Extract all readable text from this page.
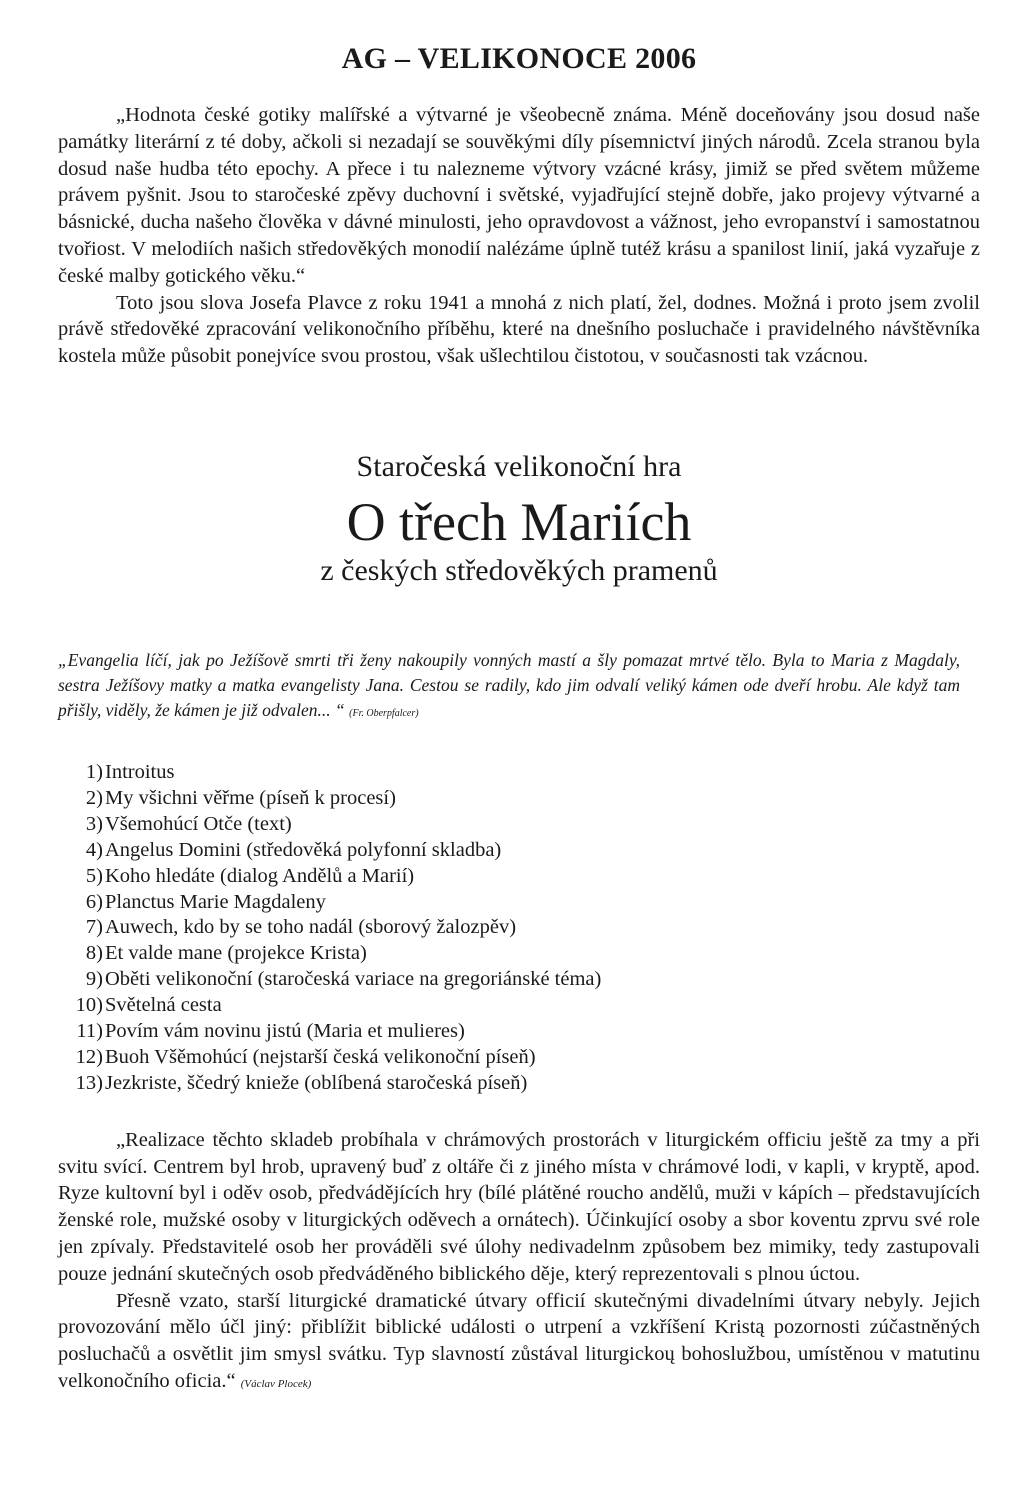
AG – VELIKONOCE 2006

„Hodnota české gotiky malířské a výtvarné je všeobecně známa. Méně doceňovány jsou dosud naše památky literární z té doby, ačkoli si nezadají se souvěkými díly písemnictví jiných národů. Zcela stranou byla dosud naše hudba této epochy. A přece i tu nalezneme výtvory vzácné krásy, jimiž se před světem můžeme právem pyšnit. Jsou to staročeské zpěvy duchovní i světské, vyjadřující stejně dobře, jako projevy výtvarné a básnické, ducha našeho člověka v dávné minulosti, jeho opravdovost a vážnost, jeho evropanství i samostatnou tvořiost. V melodiích našich středověkých monodií nalézáme úplně tutéž krásu a spanilost linií, jaká vyzařuje z české malby gotického věku.“

Toto jsou slova Josefa Plavce z roku 1941 a mnohá z nich platí, žel, dodnes. Možná i proto jsem zvolil právě středověké zpracování velikonočního příběhu, které na dnešního posluchače i pravidelného návštěvníka kostela může působit ponejvíce svou prostou, však ušlechtilou čistotou, v současnosti tak vzácnou.

Staročeská velikonoční hra
O třech Mariích
z českých středověkých pramenů

„Evangelia líčí, jak po Ježíšově smrti tři ženy nakoupily vonných mastí a šly pomazat mrtvé tělo. Byla to Maria z Magdaly, sestra Ježíšovy matky a matka evangelisty Jana. Cestou se radily, kdo jim odvalí veliký kámen ode dveří hrobu. Ale když tam přišly, viděly, že kámen je již odvalen... “ (Fr. Oberpfalcer)

1) Introitus
2) My všichni věřme (píseň k procesí)
3) Všemohúcí Otče (text)
4) Angelus Domini (středověká polyfonní skladba)
5) Koho hledáte (dialog Andělů a Marií)
6) Planctus Marie Magdaleny
7) Auwech, kdo by se toho nadál (sborový žalozpěv)
8) Et valde mane (projekce Krista)
9) Oběti velikonoční (staročeská variace na gregoriánské téma)
10) Světelná cesta
11) Povím vám novinu jistú (Maria et mulieres)
12) Buoh Všěmohúcí (nejstarší česká velikonoční píseň)
13) Jezkriste, ščedrý knieže (oblíbená staročeská píseň)

„Realizace těchto skladeb probíhala v chrámových prostorách v liturgickém officiu ještě za tmy a při svitu svící. Centrem byl hrob, upravený buď z oltáře či z jiného místa v chrámové lodi, v kapli, v kryptě, apod. Ryze kultovní byl i oděv osob, předvádějících hry (bílé plátěné roucho andělů, muži v kápích – představujících ženské role, mužské osoby v liturgických oděvech a ornátech). Účinkující osoby a sbor koventu zprvu své role jen zpívaly. Představitelé osob her prováděli své úlohy nedivadelnm způsobem bez mimiky, tedy zastupovali pouze jednání skutečných osob předváděného biblického děje, který reprezentovali s plnou úctou.

Přesně vzato, starší liturgické dramatické útvary officií skutečnými divadelními útvary nebyly. Jejich provozování mělo účl jiný: přiblížit biblické události o utrpení a vzkříšení Kristą pozornosti zúčastněných posluchačů a osvětlit jim smysl svátku. Typ slavností zůstával liturgickoų bohoslužbou, umístěnou v matutinu velkonočního oficia.“ (Václav Plocek)
